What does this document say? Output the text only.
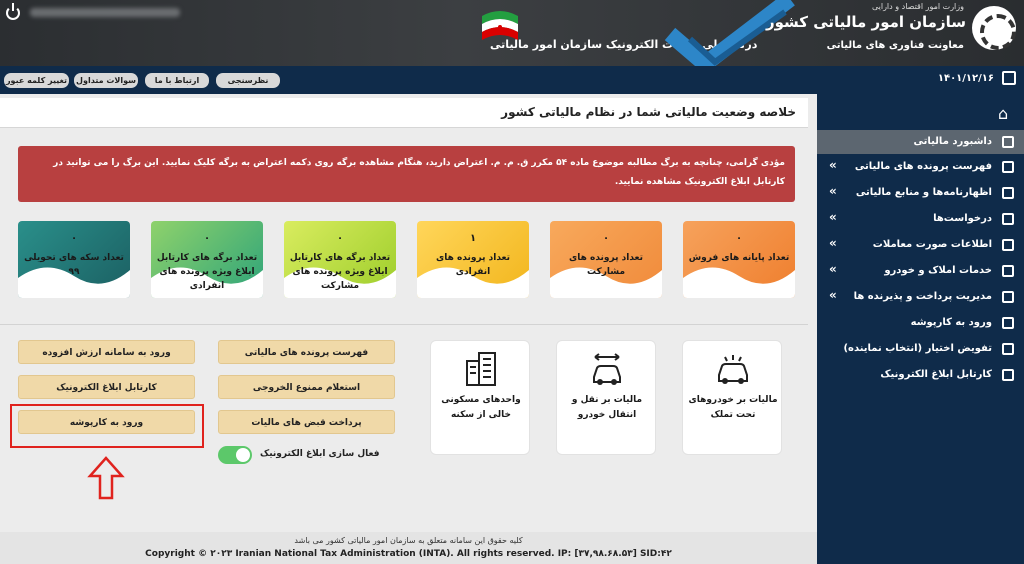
درگاه ملی خدمات الکترونیک سازمان امور مالیاتی
وزارت امور اقتصاد و دارایی
سازمان امور مالیاتی کشور
معاونت فناوری های مالیاتی
تغییر کلمه عبور سوالات متداول	ارتباط با ما	نظرسنجی	۱۴۰۱/۱۲/۱۶
⌂
داشبورد مالیاتی
فهرست پرونده های مالیاتی
»
اظهارنامه‌ها و منابع مالیاتی
»
درخواست‌ها
»
اطلاعات صورت معاملات
»
خدمات املاک و خودرو
»
مدیریت پرداخت و پذیرنده ها
»
ورود به کارپوشه
تفویض اختیار (انتخاب نماینده)
کارتابل ابلاغ الکترونیک
خلاصه وضعیت مالیاتی شما در نظام مالیاتی کشور
مؤدی گرامی، چنانچه به برگ مطالبه موضوع ماده ۵۴ مکرر ق. م. م. اعتراض دارید، هنگام مشاهده برگه روی دکمه اعتراض به برگه کلیک نمایید. این برگ را می توانید در کارتابل ابلاغ الکترونیک مشاهده نمایید.
۰
تعداد پایانه های فروش
۰
تعداد پرونده های مشارکت
۱
تعداد پرونده های انفرادی
۰
تعداد برگه های کارتابل ابلاغ ویژه پرونده های مشارکت
۰
تعداد برگه های کارتابل ابلاغ ویژه پرونده های انفرادی
۰
تعداد سکه های تحویلی ۹۹
مالیات بر خودروهای تحت تملک
مالیات بر نقل و انتقال خودرو
واحدهای مسکونی خالی از سکنه
فهرست پرونده های مالیاتی
استعلام ممنوع الخروجی
پرداخت قبض های مالیات
ورود به سامانه ارزش افزوده
کارتابل ابلاغ الکترونیک
ورود به کارپوشه
فعال سازی ابلاغ الکترونیک
کلیه حقوق این سامانه متعلق به سازمان امور مالیاتی کشور می باشد
Copyright © ۲۰۲۳ Iranian National Tax Administration (INTA). All rights reserved. IP: [۳۷,۹۸.۶۸.۵۳] SID:۴۲
